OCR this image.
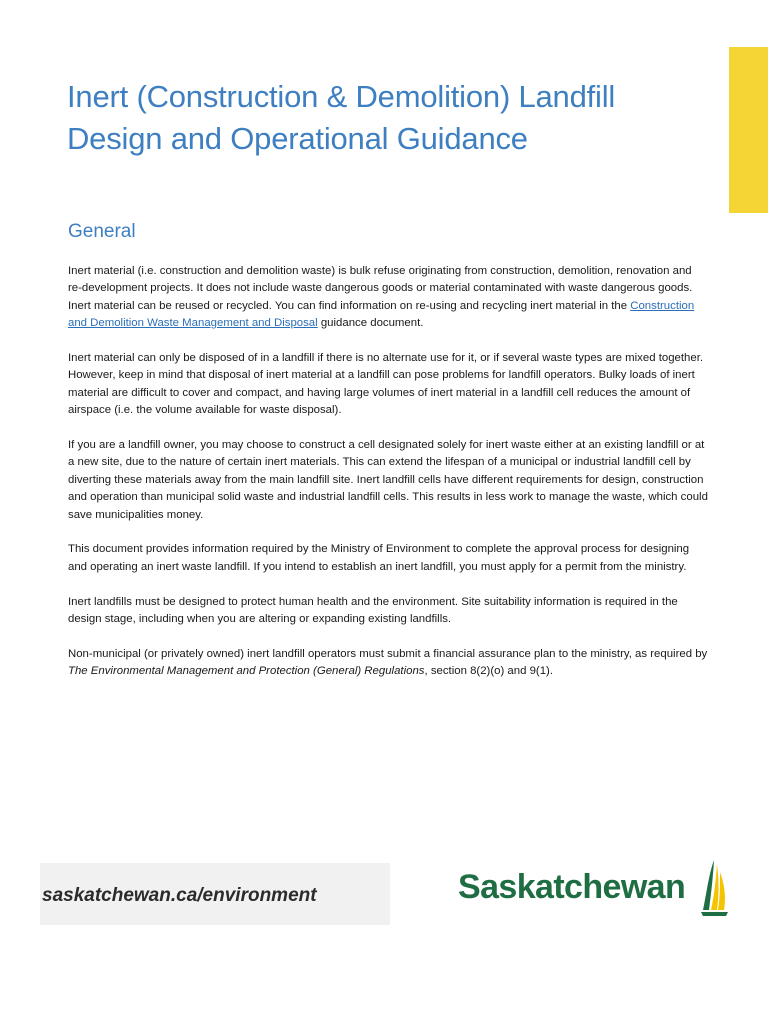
Inert (Construction & Demolition) Landfill
Design and Operational Guidance
General

Inert material (i.e. construction and demolition waste) is bulk refuse originating from construction, demolition, renovation and re-development projects. It does not include waste dangerous goods or material contaminated with waste dangerous goods. Inert material can be reused or recycled. You can find information on re-using and recycling inert material in the Construction and Demolition Waste Management and Disposal guidance document.

Inert material can only be disposed of in a landfill if there is no alternate use for it, or if several waste types are mixed together. However, keep in mind that disposal of inert material at a landfill can pose problems for landfill operators. Bulky loads of inert material are difficult to cover and compact, and having large volumes of inert material in a landfill cell reduces the amount of airspace (i.e. the volume available for waste disposal).

If you are a landfill owner, you may choose to construct a cell designated solely for inert waste either at an existing landfill or at a new site, due to the nature of certain inert materials. This can extend the lifespan of a municipal or industrial landfill cell by diverting these materials away from the main landfill site. Inert landfill cells have different requirements for design, construction and operation than municipal solid waste and industrial landfill cells. This results in less work to manage the waste, which could save municipalities money.

This document provides information required by the Ministry of Environment to complete the approval process for designing and operating an inert waste landfill. If you intend to establish an inert landfill, you must apply for a permit from the ministry.

Inert landfills must be designed to protect human health and the environment. Site suitability information is required in the design stage, including when you are altering or expanding existing landfills.

Non-municipal (or privately owned) inert landfill operators must submit a financial assurance plan to the ministry, as required by The Environmental Management and Protection (General) Regulations, section 8(2)(o) and 9(1).

saskatchewan.ca/environment	Saskatchewan
